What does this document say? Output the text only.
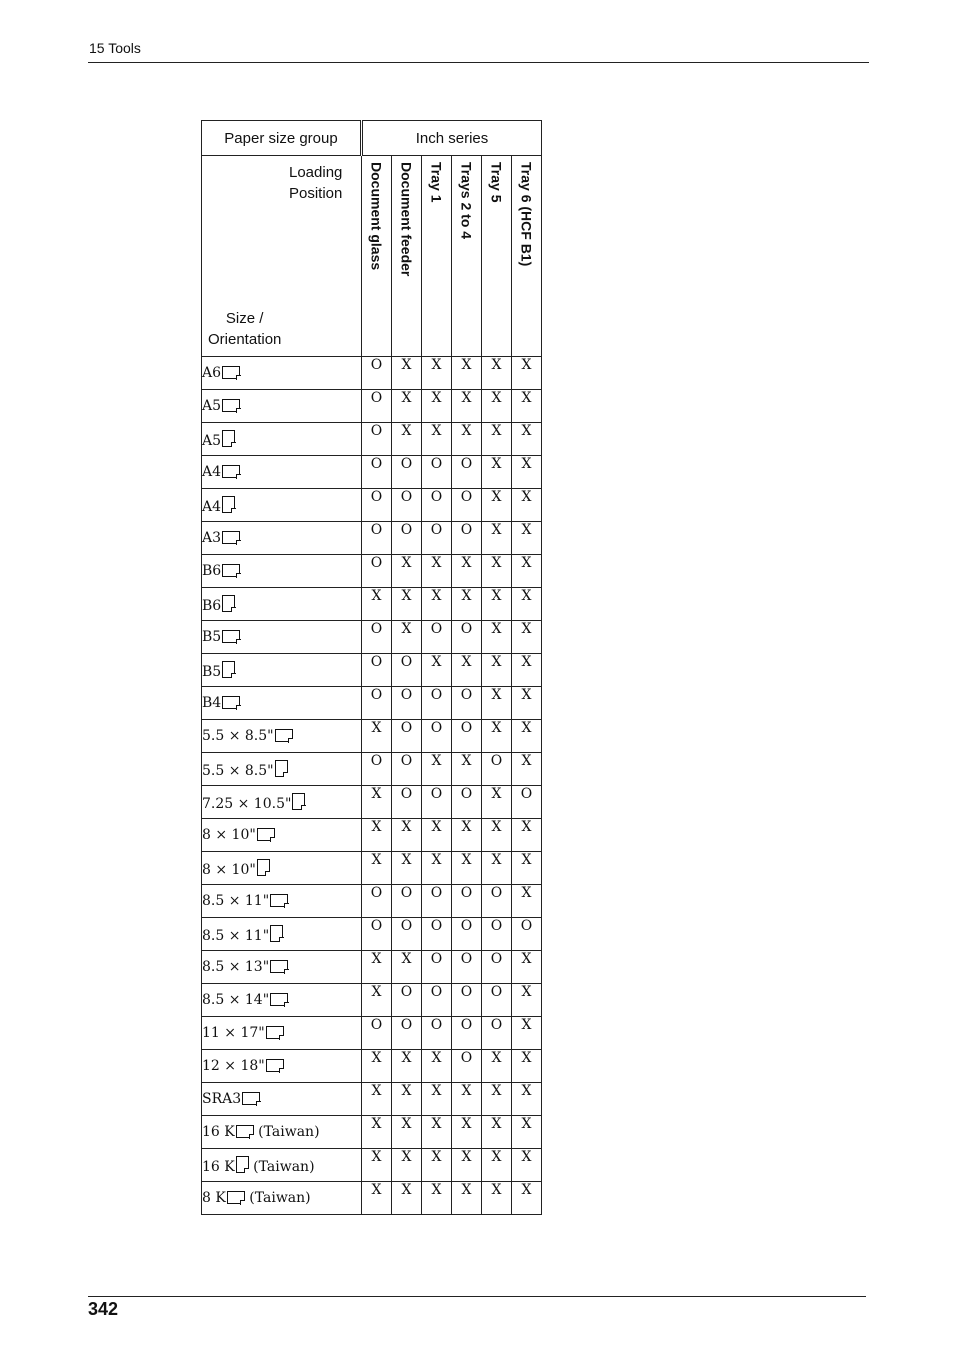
15 Tools
Paper size group	Inch series					

Loading
Position
Size /
Orientation	Document glass	Document feeder	Tray 1	Trays 2 to 4	Tray 5	Tray 6 (HCF B1)

A6	O	X	X	X	X	X
A5	O	X	X	X	X	X
A5	O	X	X	X	X	X
A4	O	O	O	O	X	X
A4	O	O	O	O	X	X
A3	O	O	O	O	X	X
B6	O	X	X	X	X	X
B6	X	X	X	X	X	X
B5	O	X	O	O	X	X
B5	O	O	X	X	X	X
B4	O	O	O	O	X	X
5.5 × 8.5"	X	O	O	O	X	X
5.5 × 8.5"	O	O	X	X	O	X
7.25 × 10.5"	X	O	O	O	X	O
8 × 10"	X	X	X	X	X	X
8 × 10"	X	X	X	X	X	X
8.5 × 11"	O	O	O	O	O	X
8.5 × 11"	O	O	O	O	O	O
8.5 × 13"	X	X	O	O	O	X
8.5 × 14"	X	O	O	O	O	X
11 × 17"	O	O	O	O	O	X
12 × 18"	X	X	X	O	X	X
SRA3	X	X	X	X	X	X
16 K (Taiwan)	X	X	X	X	X	X
16 K (Taiwan)	X	X	X	X	X	X
8 K (Taiwan)	X	X	X	X	X	X
342
